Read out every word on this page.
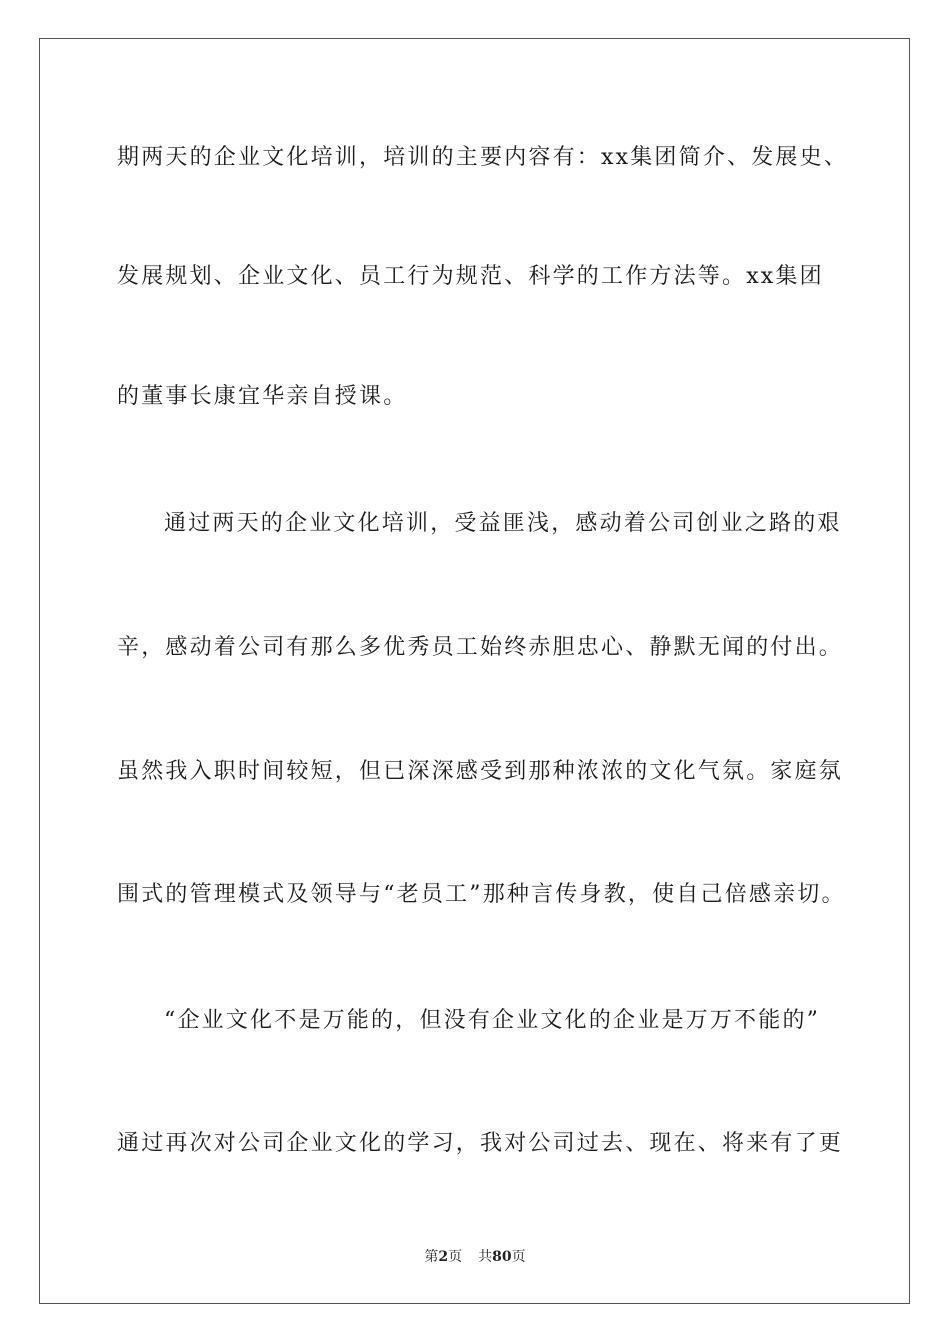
期两天的企业文化培训，培训的主要内容有：xx集团简介、发展史、
发展规划、企业文化、员工行为规范、科学的工作方法等。xx集团
的董事长康宜华亲自授课。
通过两天的企业文化培训，受益匪浅，感动着公司创业之路的艰
辛，感动着公司有那么多优秀员工始终赤胆忠心、静默无闻的付出。
虽然我入职时间较短，但已深深感受到那种浓浓的文化气氛。家庭氛
围式的管理模式及领导与“老员工”那种言传身教，使自己倍感亲切。
“企业文化不是万能的，但没有企业文化的企业是万万不能的”
通过再次对公司企业文化的学习，我对公司过去、现在、将来有了更
第2页 共80页
